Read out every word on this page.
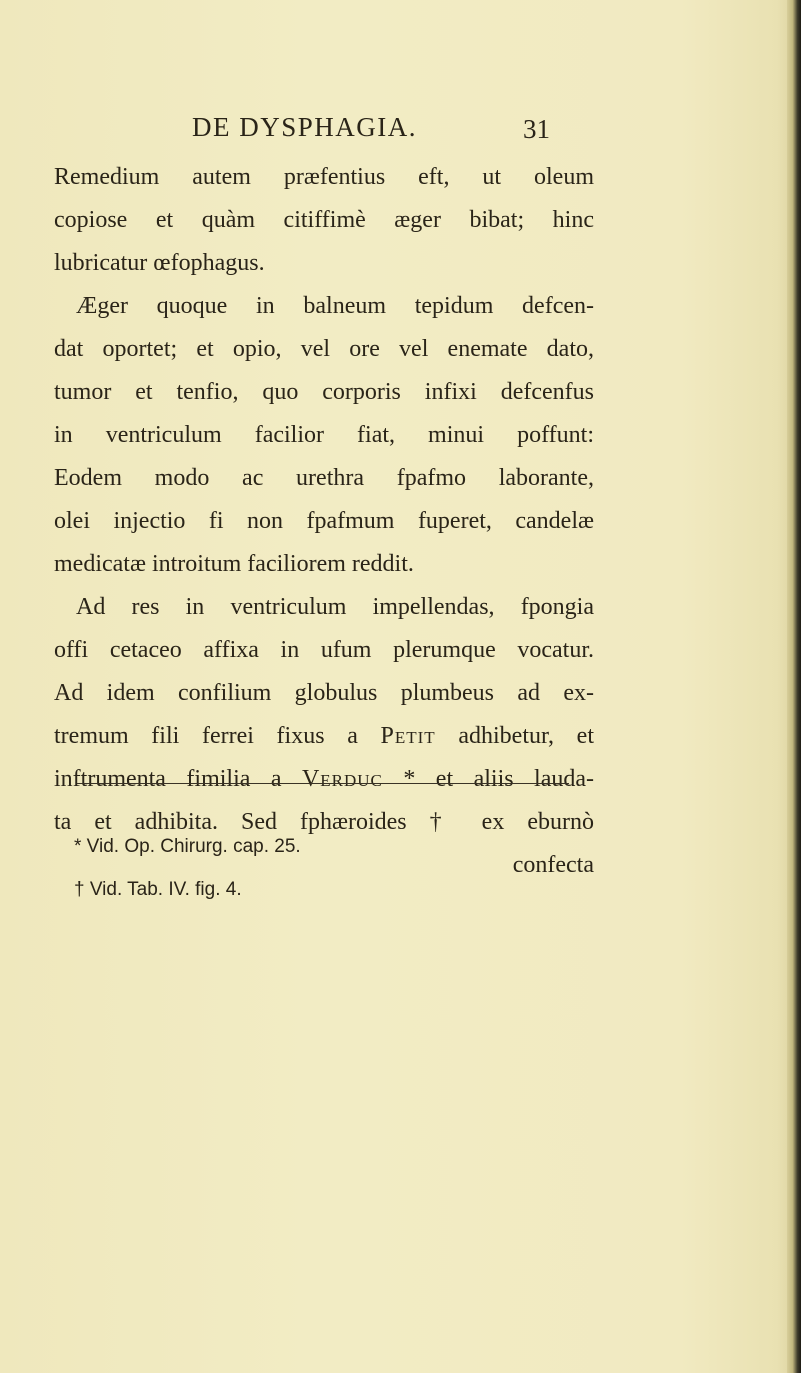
DE DYSPHAGIA.	31
Remedium autem præfentius eft, ut oleum
copiose et quàm citiffimè æger bibat; hinc
lubricatur œfophagus.
Æger quoque in balneum tepidum defcen-
dat oportet; et opio, vel ore vel enemate dato,
tumor et tenfio, quo corporis infixi defcenfus
in ventriculum facilior fiat, minui poffunt:
Eodem modo ac urethra fpafmo laborante,
olei injectio fi non fpafmum fuperet, candelæ
medicatæ introitum faciliorem reddit.
Ad res in ventriculum impellendas, fpongia
offi cetaceo affixa in ufum plerumque vocatur.
Ad idem confilium globulus plumbeus ad ex-
tremum fili ferrei fixus a Petit adhibetur, et
inftrumenta fimilia a Verduc * et aliis lauda-
ta et adhibita. Sed fphæroides † ex eburnò
confecta
* Vid. Op. Chirurg. cap. 25.
† Vid. Tab. IV. fig. 4.
